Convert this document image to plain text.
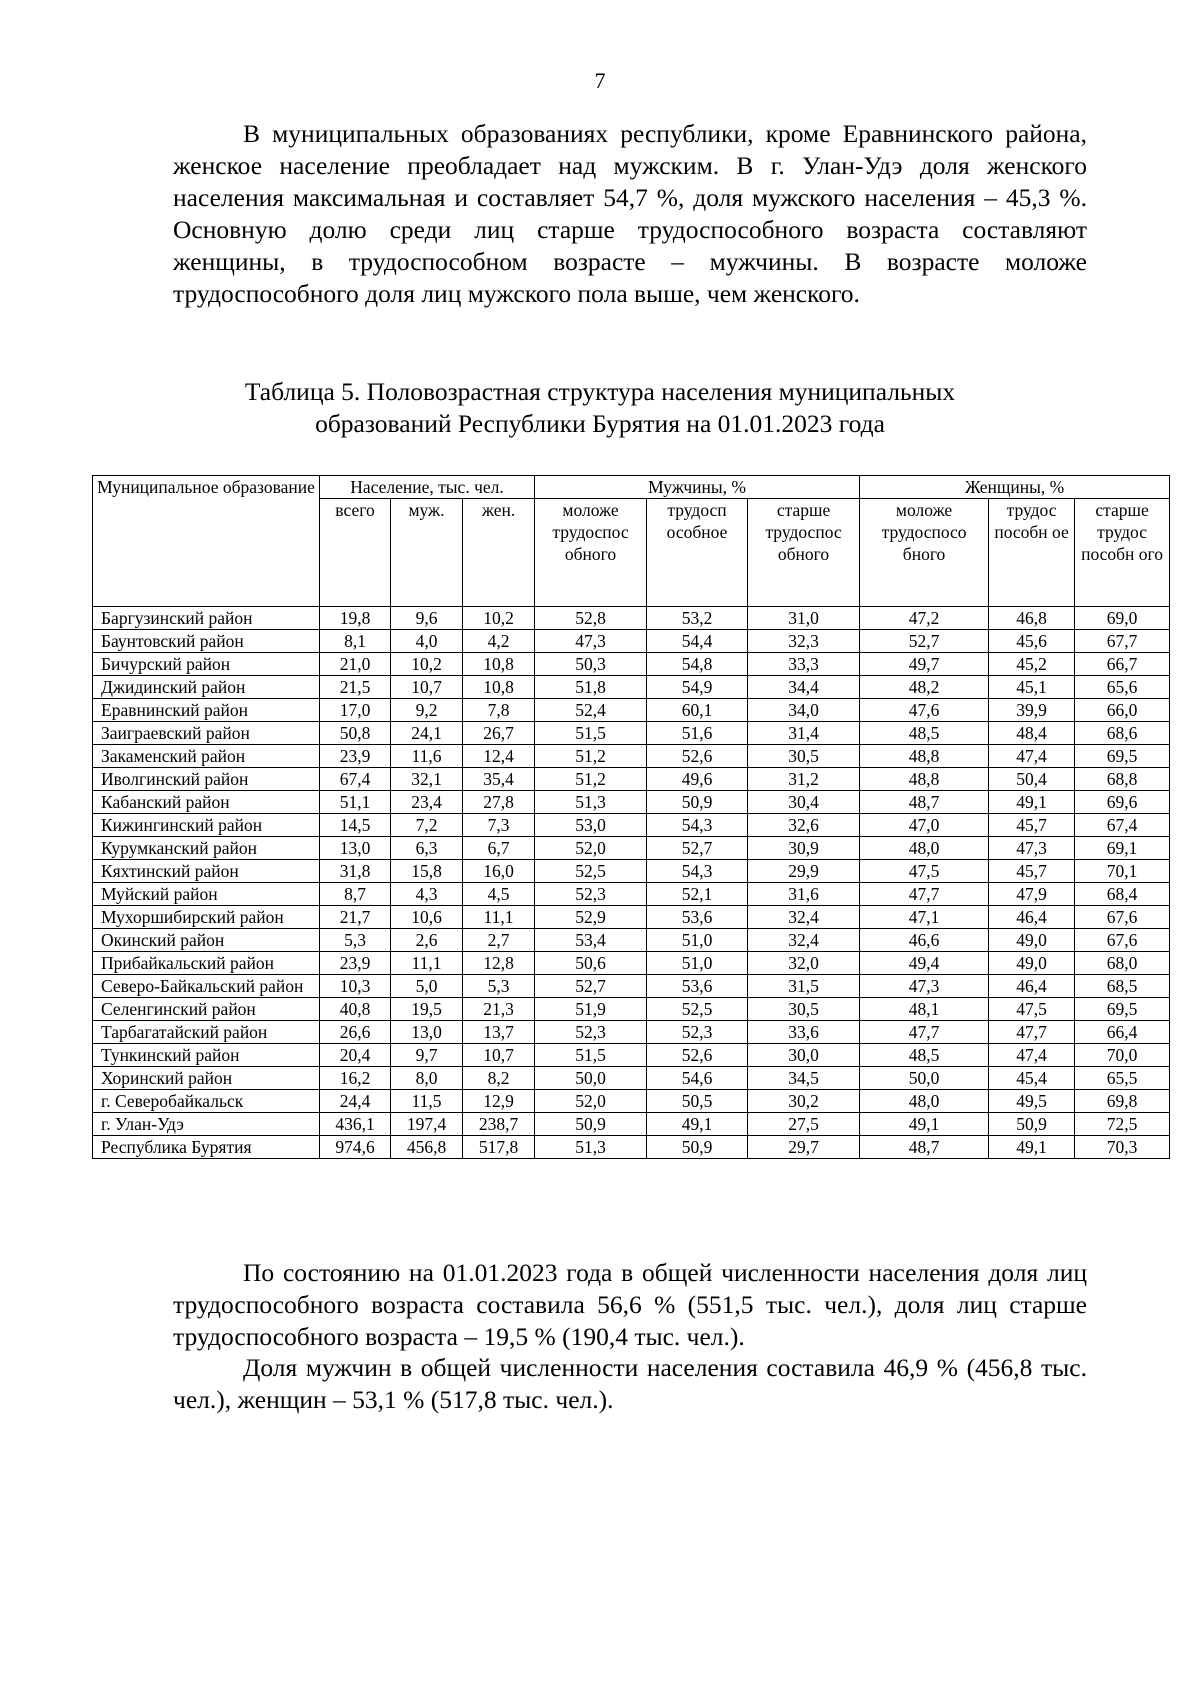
7

В муниципальных образованиях республики, кроме Еравнинского района, женское население преобладает над мужским. В г. Улан-Удэ доля женского населения максимальная и составляет 54,7 %, доля мужского населения – 45,3 %. Основную долю среди лиц старше трудоспособного возраста составляют женщины, в трудоспособном возрасте – мужчины. В возрасте моложе трудоспособного доля лиц мужского пола выше, чем женского.

Таблица 5. Половозрастная структура населения муниципальных
образований Республики Бурятия на 01.01.2023 года
Муниципальное образование	Население, тыс. чел.			Мужчины, %			Женщины, %		
	всего	муж.	жен.	моложе трудоспос обного	трудосп особное	старше трудоспос обного	моложе трудоспосо бного	трудос пособн ое	старше трудос пособн ого
Баргузинский район	19,8	9,6	10,2	52,8	53,2	31,0	47,2	46,8	69,0
Баунтовский район	8,1	4,0	4,2	47,3	54,4	32,3	52,7	45,6	67,7
Бичурский район	21,0	10,2	10,8	50,3	54,8	33,3	49,7	45,2	66,7
Джидинский район	21,5	10,7	10,8	51,8	54,9	34,4	48,2	45,1	65,6
Еравнинский район	17,0	9,2	7,8	52,4	60,1	34,0	47,6	39,9	66,0
Заиграевский район	50,8	24,1	26,7	51,5	51,6	31,4	48,5	48,4	68,6
Закаменский район	23,9	11,6	12,4	51,2	52,6	30,5	48,8	47,4	69,5
Иволгинский район	67,4	32,1	35,4	51,2	49,6	31,2	48,8	50,4	68,8
Кабанский район	51,1	23,4	27,8	51,3	50,9	30,4	48,7	49,1	69,6
Кижингинский район	14,5	7,2	7,3	53,0	54,3	32,6	47,0	45,7	67,4
Курумканский район	13,0	6,3	6,7	52,0	52,7	30,9	48,0	47,3	69,1
Кяхтинский район	31,8	15,8	16,0	52,5	54,3	29,9	47,5	45,7	70,1
Муйский район	8,7	4,3	4,5	52,3	52,1	31,6	47,7	47,9	68,4
Мухоршибирский район	21,7	10,6	11,1	52,9	53,6	32,4	47,1	46,4	67,6
Окинский район	5,3	2,6	2,7	53,4	51,0	32,4	46,6	49,0	67,6
Прибайкальский район	23,9	11,1	12,8	50,6	51,0	32,0	49,4	49,0	68,0
Северо-Байкальский район	10,3	5,0	5,3	52,7	53,6	31,5	47,3	46,4	68,5
Селенгинский район	40,8	19,5	21,3	51,9	52,5	30,5	48,1	47,5	69,5
Тарбагатайский район	26,6	13,0	13,7	52,3	52,3	33,6	47,7	47,7	66,4
Тункинский район	20,4	9,7	10,7	51,5	52,6	30,0	48,5	47,4	70,0
Хоринский район	16,2	8,0	8,2	50,0	54,6	34,5	50,0	45,4	65,5
г. Северобайкальск	24,4	11,5	12,9	52,0	50,5	30,2	48,0	49,5	69,8
г. Улан-Удэ	436,1	197,4	238,7	50,9	49,1	27,5	49,1	50,9	72,5
Республика Бурятия	974,6	456,8	517,8	51,3	50,9	29,7	48,7	49,1	70,3

По состоянию на 01.01.2023 года в общей численности населения доля лиц трудоспособного возраста составила 56,6 % (551,5 тыс. чел.), доля лиц старше трудоспособного возраста – 19,5 % (190,4 тыс. чел.).

Доля мужчин в общей численности населения составила 46,9 % (456,8 тыс. чел.), женщин – 53,1 % (517,8 тыс. чел.).
